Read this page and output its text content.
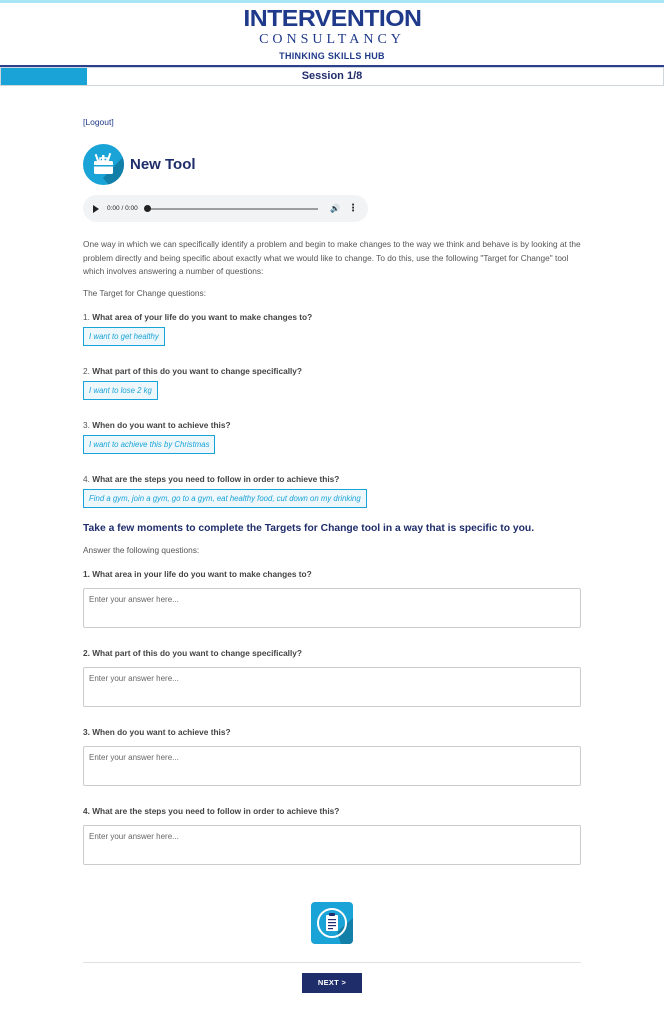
INTERVENTION
CONSULTANCY
THINKING SKILLS HUB
Session 1/8
[Logout]
New Tool
0:00 / 0:00	🔊 ⋮

One way in which we can specifically identify a problem and begin to make changes to the way we think and behave is by looking at the problem directly and being specific about exactly what we would like to change. To do this, use the following "Target for Change" tool which involves answering a number of questions:

The Target for Change questions:

1. What area of your life do you want to make changes to?
I want to get healthy
2. What part of this do you want to change specifically?
I want to lose 2 kg
3. When do you want to achieve this?
I want to achieve this by Christmas
4. What are the steps you need to follow in order to achieve this?
Find a gym, join a gym, go to a gym, eat healthy food, cut down on my drinking
Take a few moments to complete the Targets for Change tool in a way that is specific to you.
Answer the following questions:
1. What area in your life do you want to make changes to?
Enter your answer here...
2. What part of this do you want to change specifically?
Enter your answer here...
3. When do you want to achieve this?
Enter your answer here...
4. What are the steps you need to follow in order to achieve this?
Enter your answer here...
NEXT >
